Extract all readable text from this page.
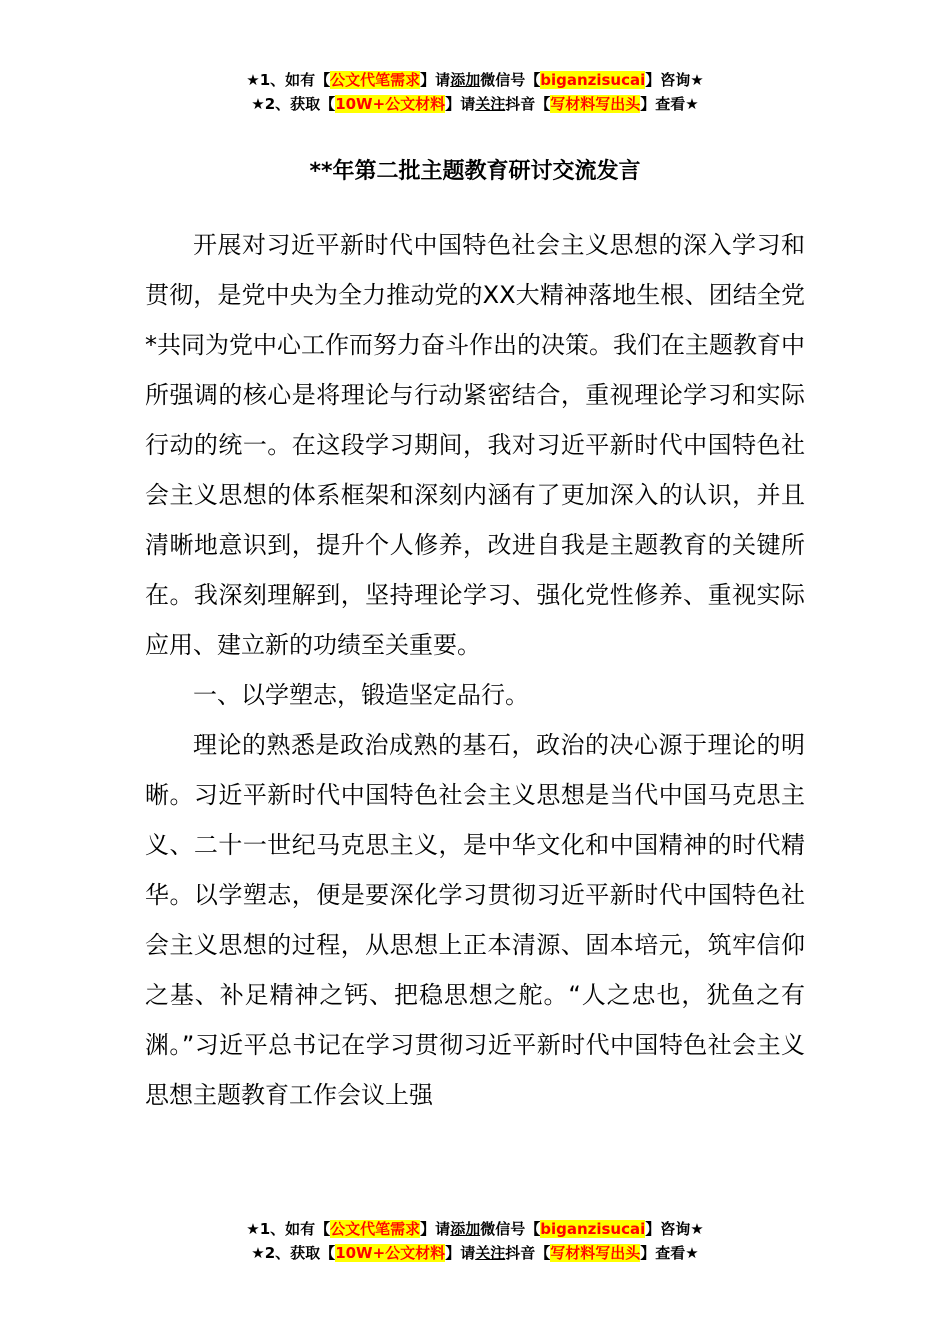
★1、如有【公文代笔需求】请添加微信号【biganzisucai】咨询★
★2、获取【10W+公文材料】请关注抖音【写材料写出头】查看★
**年第二批主题教育研讨交流发言

开展对习近平新时代中国特色社会主义思想的深入学习和贯彻，是党中央为全力推动党的XX大精神落地生根、团结全党*共同为党中心工作而努力奋斗作出的决策。我们在主题教育中所强调的核心是将理论与行动紧密结合，重视理论学习和实际行动的统一。在这段学习期间，我对习近平新时代中国特色社会主义思想的体系框架和深刻内涵有了更加深入的认识，并且清晰地意识到，提升个人修养，改进自我是主题教育的关键所在。我深刻理解到，坚持理论学习、强化党性修养、重视实际应用、建立新的功绩至关重要。

一、以学塑志，锻造坚定品行。

理论的熟悉是政治成熟的基石，政治的决心源于理论的明晰。习近平新时代中国特色社会主义思想是当代中国马克思主义、二十一世纪马克思主义，是中华文化和中国精神的时代精华。以学塑志，便是要深化学习贯彻习近平新时代中国特色社会主义思想的过程，从思想上正本清源、固本培元，筑牢信仰之基、补足精神之钙、把稳思想之舵。“人之忠也，犹鱼之有渊。”习近平总书记在学习贯彻习近平新时代中国特色社会主义思想主题教育工作会议上强

★1、如有【公文代笔需求】请添加微信号【biganzisucai】咨询★
★2、获取【10W+公文材料】请关注抖音【写材料写出头】查看★
